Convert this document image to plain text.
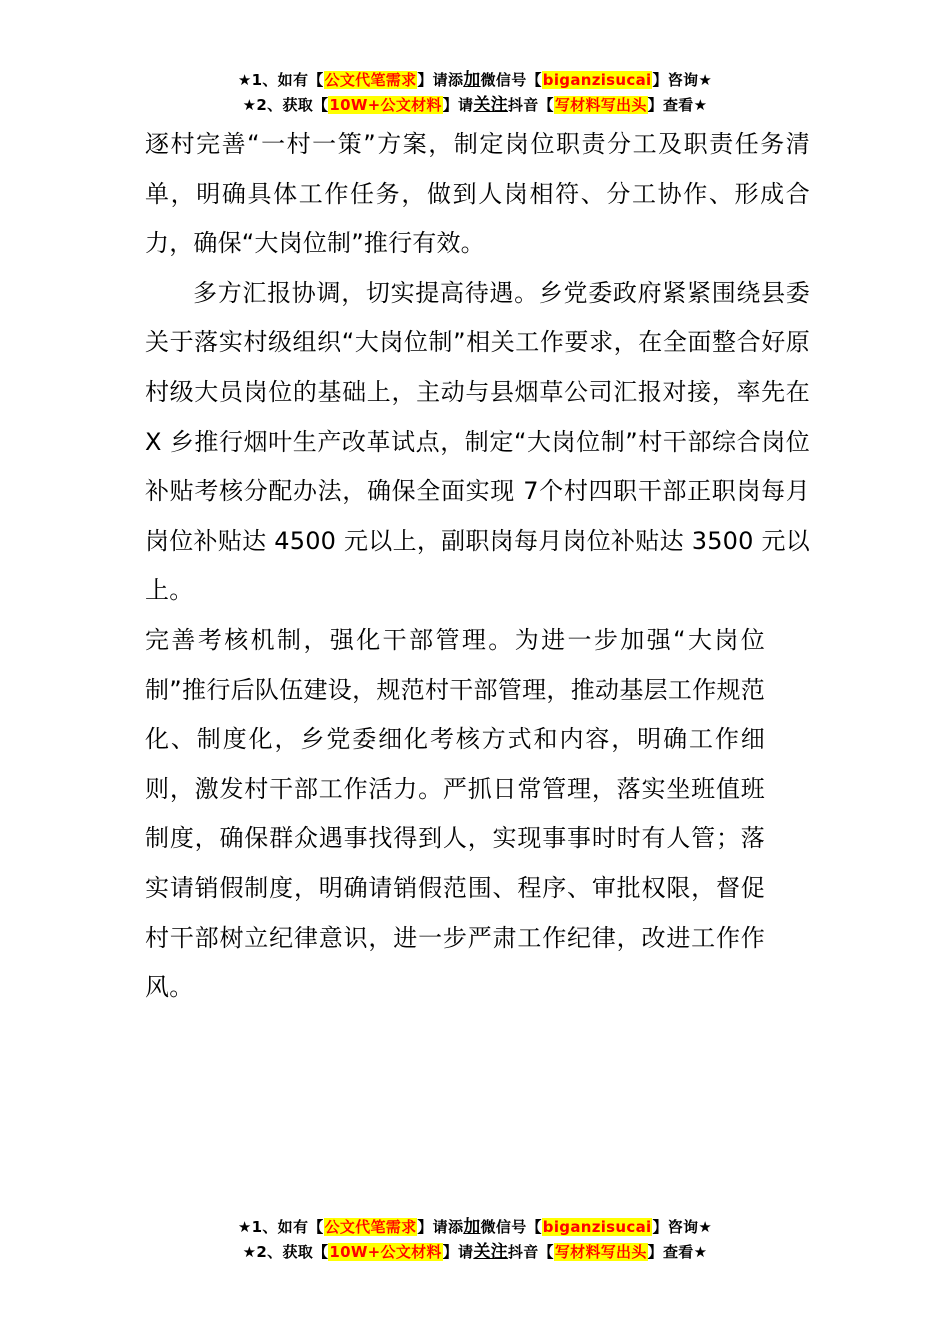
★1、如有【公文代笔需求】请添加微信号【biganzisucai】咨询★
★2、获取【10W+公文材料】请关注抖音【写材料写出头】查看★

逐村完善“一村一策”方案，制定岗位职责分工及职责任务清单，明确具体工作任务，做到人岗相符、分工协作、形成合力，确保“大岗位制”推行有效。

多方汇报协调，切实提高待遇。乡党委政府紧紧围绕县委关于落实村级组织“大岗位制”相关工作要求，在全面整合好原村级大员岗位的基础上，主动与县烟草公司汇报对接，率先在 X 乡推行烟叶生产改革试点，制定“大岗位制”村干部综合岗位补贴考核分配办法，确保全面实现 7个村四职干部正职岗每月岗位补贴达 4500 元以上，副职岗每月岗位补贴达 3500 元以上。

完善考核机制，强化干部管理。为进一步加强“大岗位制”推行后队伍建设，规范村干部管理，推动基层工作规范化、制度化，乡党委细化考核方式和内容，明确工作细则，激发村干部工作活力。严抓日常管理，落实坐班值班制度，确保群众遇事找得到人，实现事事时时有人管；落实请销假制度，明确请销假范围、程序、审批权限，督促村干部树立纪律意识，进一步严肃工作纪律，改进工作作风。

★1、如有【公文代笔需求】请添加微信号【biganzisucai】咨询★
★2、获取【10W+公文材料】请关注抖音【写材料写出头】查看★
